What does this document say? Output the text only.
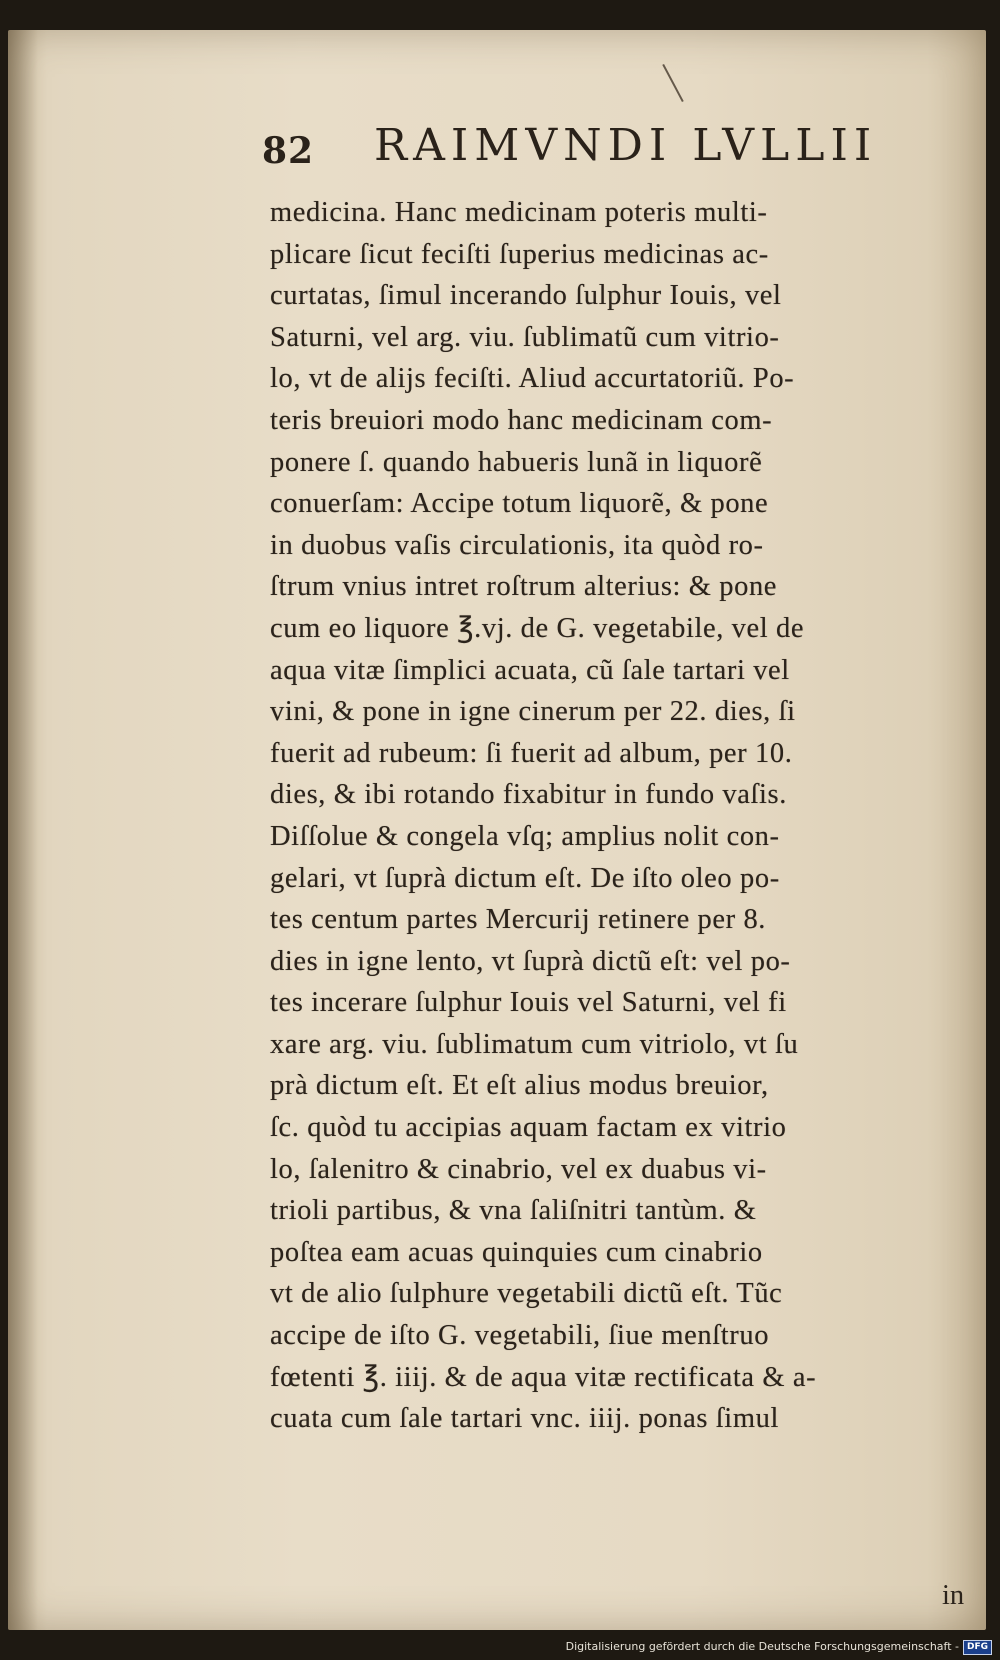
82 RAIMVNDI LVLLII
medicina. Hanc medicinam poteris multi-
plicare ſicut feciſti ſuperius medicinas ac-
curtatas, ſimul incerando ſulphur Iouis, vel
Saturni, vel arg. viu. ſublimatũ cum vitrio-
lo, vt de alijs feciſti. Aliud accurtatoriũ. Po-
teris breuiori modo hanc medicinam com-
ponere ſ. quando habueris lunã in liquorẽ
conuerſam: Accipe totum liquorẽ, & pone
in duobus vaſis circulationis, ita quòd ro-
ſtrum vnius intret roſtrum alterius: & pone
cum eo liquore ℥.vj. de G. vegetabile, vel de
aqua vitæ ſimplici acuata, cũ ſale tartari vel
vini, & pone in igne cinerum per 22. dies, ſi
fuerit ad rubeum: ſi fuerit ad album, per 10.
dies, & ibi rotando fixabitur in fundo vaſis.
Diſſolue & congela vſq; amplius nolit con-
gelari, vt ſuprà dictum eſt. De iſto oleo po-
tes centum partes Mercurij retinere per 8.
dies in igne lento, vt ſuprà dictũ eſt: vel po-
tes incerare ſulphur Iouis vel Saturni, vel fi
xare arg. viu. ſublimatum cum vitriolo, vt ſu
prà dictum eſt. Et eſt alius modus breuior,
ſc. quòd tu accipias aquam factam ex vitrio
lo, ſalenitro & cinabrio, vel ex duabus vi-
trioli partibus, & vna ſaliſnitri tantùm. &
poſtea eam acuas quinquies cum cinabrio
vt de alio ſulphure vegetabili dictũ eſt. Tũc
accipe de iſto G. vegetabili, ſiue menſtruo
fœtenti ℥. iiij. & de aqua vitæ rectificata & a-
cuata cum ſale tartari vnc. iiij. ponas ſimul
in
Digitalisierung gefördert durch die Deutsche Forschungsgemeinschaft - DFG
